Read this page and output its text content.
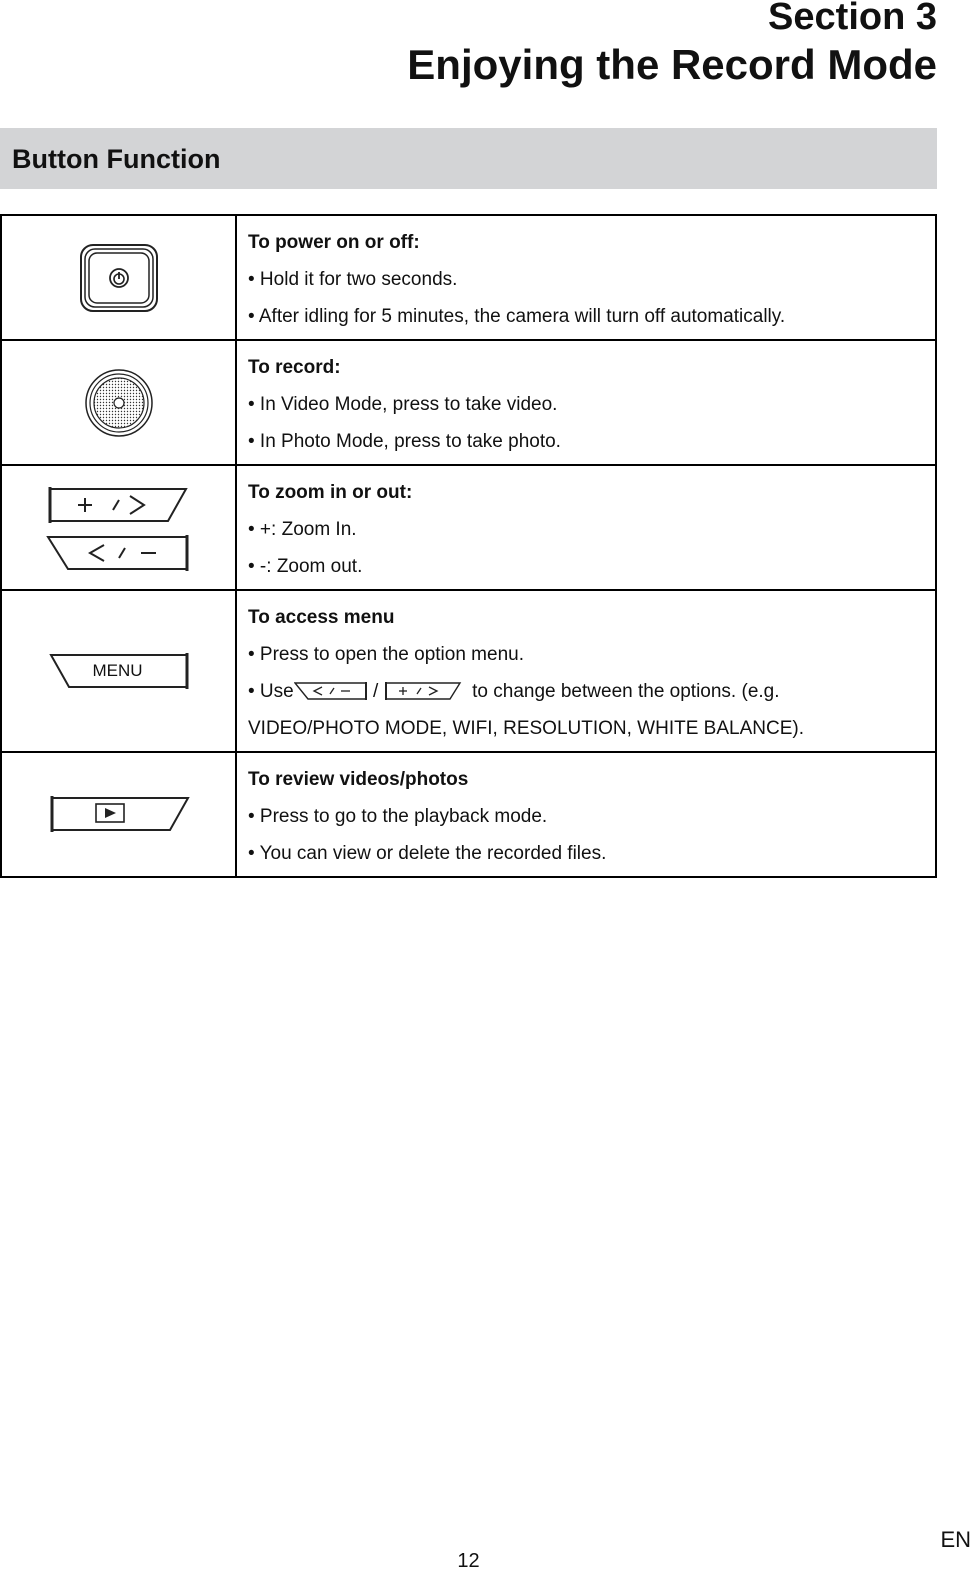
Section 3
Enjoying the Record Mode
Button Function

To power on or off:
• Hold it for two seconds.
• After idling for 5 minutes, the camera will turn off automatically.

To record:
• In Video Mode, press to take video.
• In Photo Mode, press to take photo.

To zoom in or out:
• +: Zoom In.
• -: Zoom out.

MENU	To access menu
• Press to open the option menu.
• Use / to change between the options. (e.g.
VIDEO/PHOTO MODE, WIFI, RESOLUTION, WHITE BALANCE).

To review videos/photos
• Press to go to the playback mode.
• You can view or delete the recorded files.
12
EN
